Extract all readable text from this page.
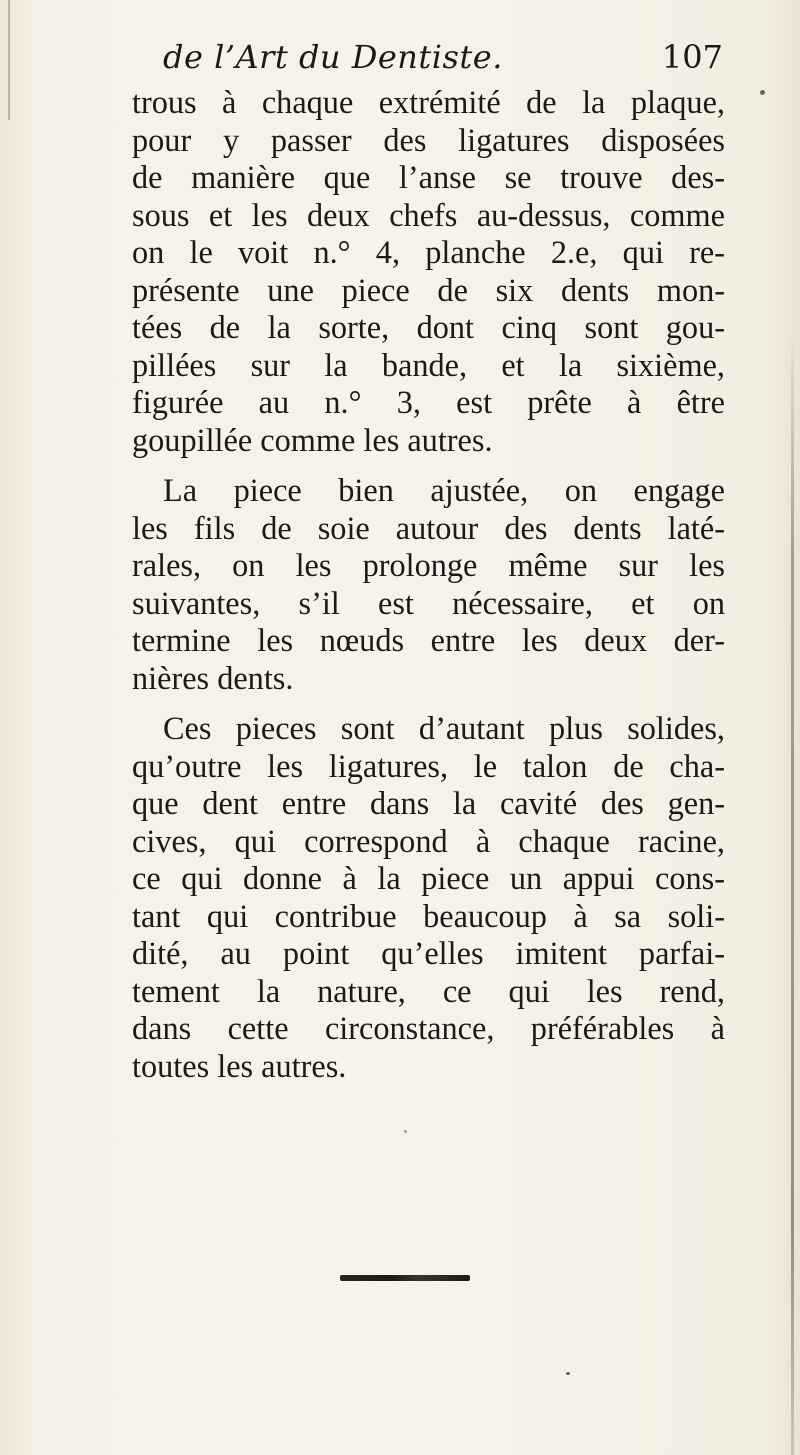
de l’Art du Dentiste.	107
trous à chaque extrémité de la plaque,
pour y passer des ligatures disposées
de manière que l’anse se trouve des-
sous et les deux chefs au-dessus, comme
on le voit n.° 4, planche 2.e, qui re-
présente une piece de six dents mon-
tées de la sorte, dont cinq sont gou-
pillées sur la bande, et la sixième,
figurée au n.° 3, est prête à être
goupillée comme les autres.
La piece bien ajustée, on engage
les fils de soie autour des dents laté-
rales, on les prolonge même sur les
suivantes, s’il est nécessaire, et on
termine les nœuds entre les deux der-
nières dents.
Ces pieces sont d’autant plus solides,
qu’outre les ligatures, le talon de cha-
que dent entre dans la cavité des gen-
cives, qui correspond à chaque racine,
ce qui donne à la piece un appui cons-
tant qui contribue beaucoup à sa soli-
dité, au point qu’elles imitent parfai-
tement la nature, ce qui les rend,
dans cette circonstance, préférables à
toutes les autres.
